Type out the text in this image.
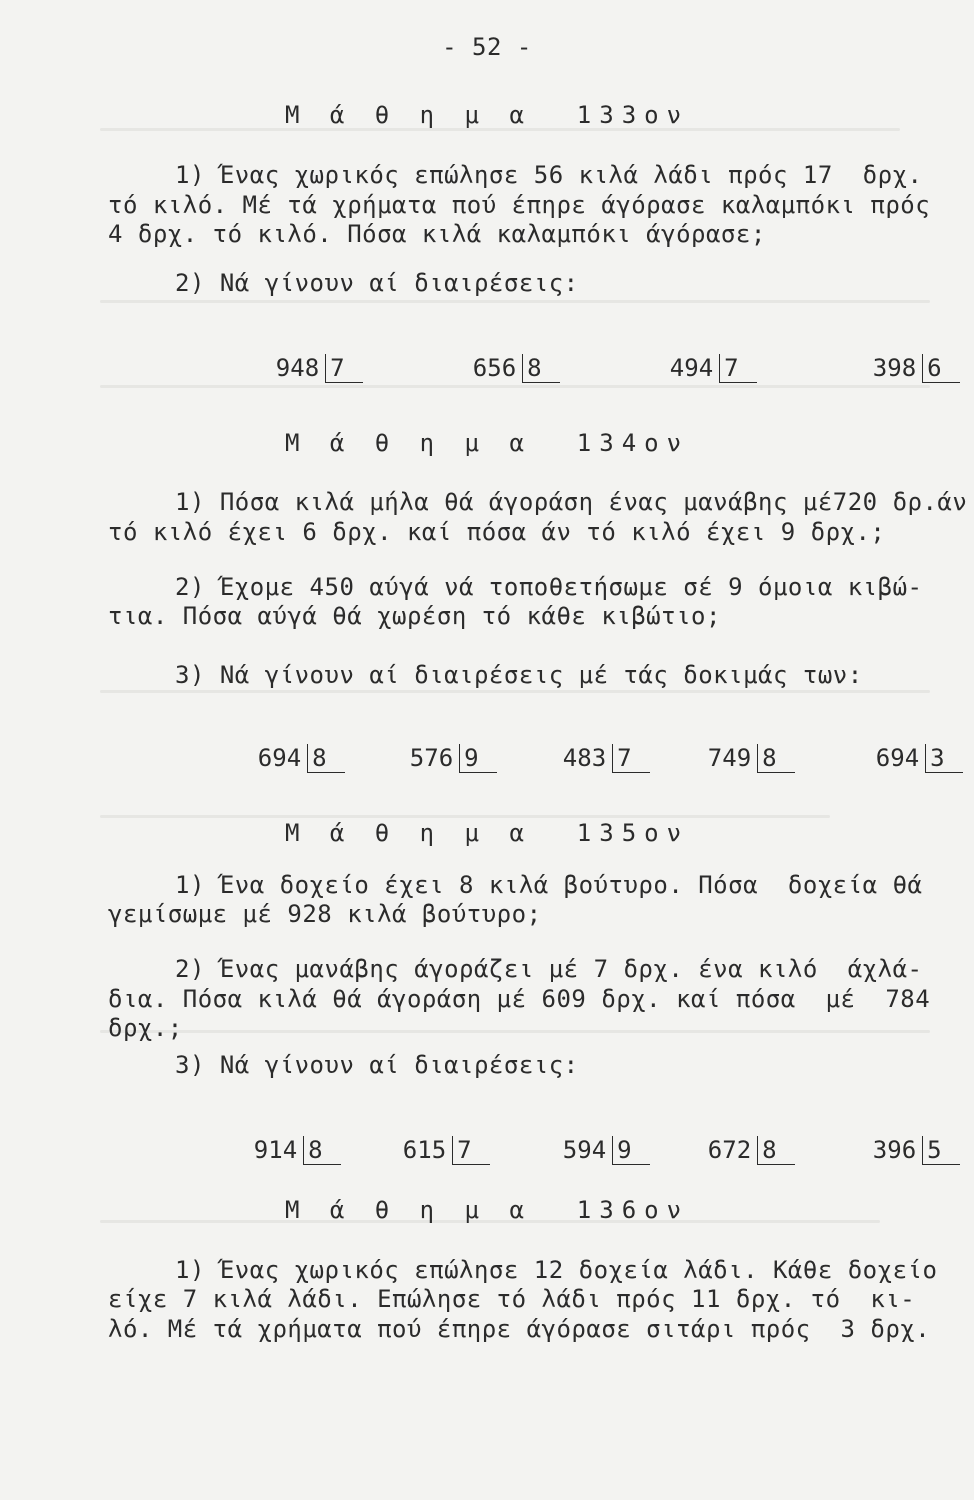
- 52 -
Μ ά θ η μ α  133ον
1) Ένας χωρικός επώλησε 56 κιλά λάδι πρός 17  δρχ.
τό κιλό. Μέ τά χρήματα πού έπηρε άγόρασε καλαμπόκι πρός
4 δρχ. τό κιλό. Πόσα κιλά καλαμπόκι άγόρασε;
2) Νά γίνουν αί διαιρέσεις:

948 7
	656 8
	494 7
	398 6

Μ ά θ η μ α  134ον
1) Πόσα κιλά μήλα θά άγοράση ένας μανάβης μέ720 δρ.άν
τό κιλό έχει 6 δρχ. καί πόσα άν τό κιλό έχει 9 δρχ.;
2) Έχομε 450 αύγά νά τοποθετήσωμε σέ 9 όμοια κιβώ-
τια. Πόσα αύγά θά χωρέση τό κάθε κιβώτιο;
3) Νά γίνουν αί διαιρέσεις μέ τάς δοκιμάς των:

694 8
	576 9
	483 7
	749 8
	694 3

Μ ά θ η μ α  135ον
1) Ένα δοχείο έχει 8 κιλά βούτυρο. Πόσα  δοχεία θά
γεμίσωμε μέ 928 κιλά βούτυρο;
2) Ένας μανάβης άγοράζει μέ 7 δρχ. ένα κιλό  άχλά-
δια. Πόσα κιλά θά άγοράση μέ 609 δρχ. καί πόσα  μέ  784
δρχ.;
3) Νά γίνουν αί διαιρέσεις:

914 8
	615 7
	594 9
	672 8
	396 5

Μ ά θ η μ α  136ον
1) Ένας χωρικός επώλησε 12 δοχεία λάδι. Κάθε δοχείο
είχε 7 κιλά λάδι. Επώλησε τό λάδι πρός 11 δρχ. τό  κι-
λό. Μέ τά χρήματα πού έπηρε άγόρασε σιτάρι πρός  3 δρχ.
